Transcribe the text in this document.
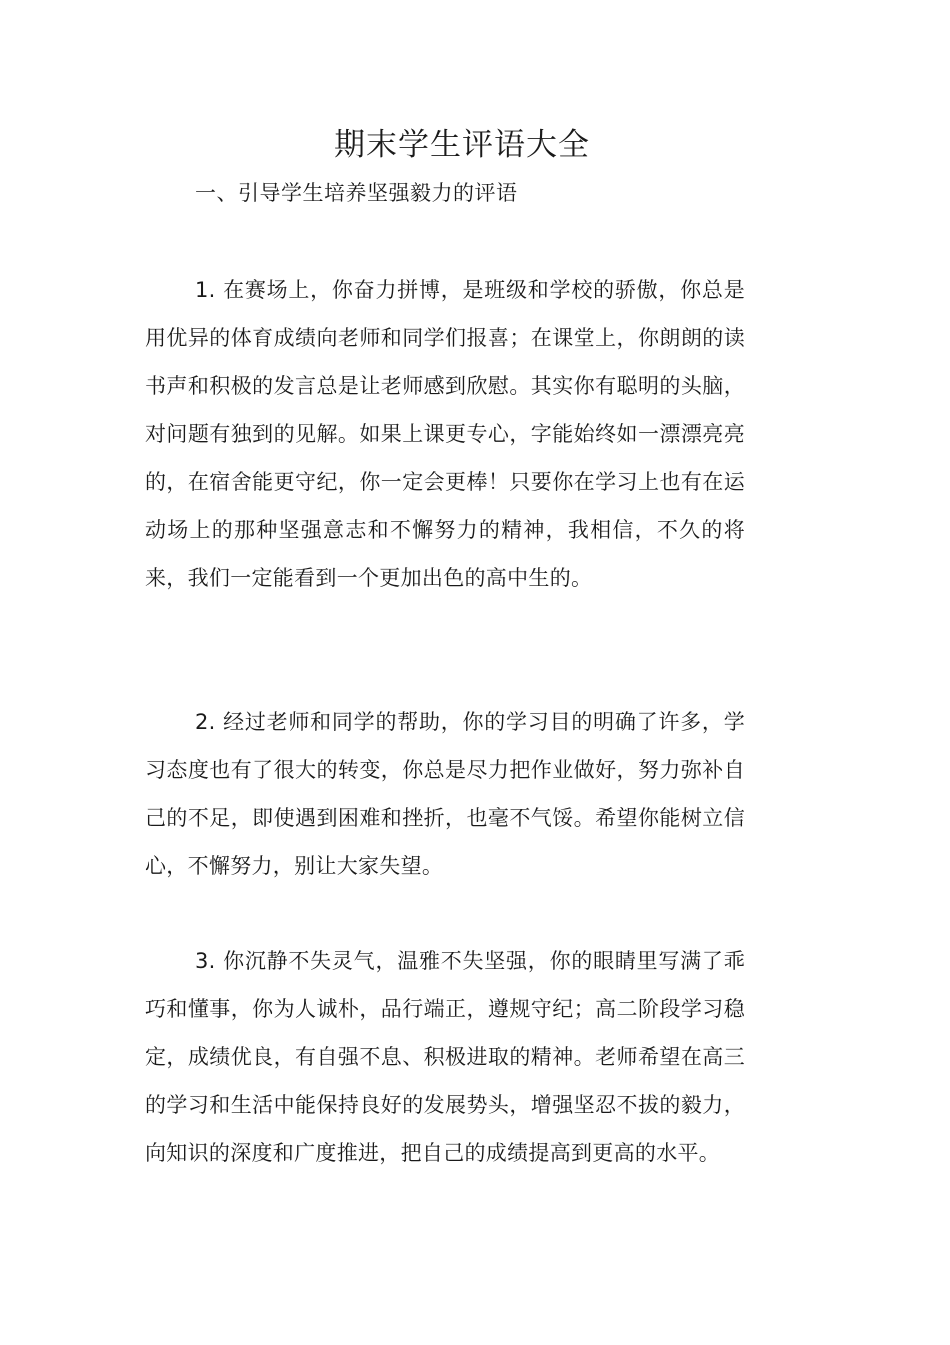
期末学生评语大全
一、引导学生培养坚强毅力的评语

1. 在赛场上，你奋力拼博，是班级和学校的骄傲，你总是用优异的体育成绩向老师和同学们报喜；在课堂上，你朗朗的读书声和积极的发言总是让老师感到欣慰。其实你有聪明的头脑，对问题有独到的见解。如果上课更专心，字能始终如一漂漂亮亮的，在宿舍能更守纪，你一定会更棒！只要你在学习上也有在运动场上的那种坚强意志和不懈努力的精神，我相信，不久的将来，我们一定能看到一个更加出色的高中生的。

2. 经过老师和同学的帮助，你的学习目的明确了许多，学习态度也有了很大的转变，你总是尽力把作业做好，努力弥补自己的不足，即使遇到困难和挫折，也毫不气馁。希望你能树立信心，不懈努力，别让大家失望。

3. 你沉静不失灵气，温雅不失坚强，你的眼睛里写满了乖巧和懂事，你为人诚朴，品行端正，遵规守纪；高二阶段学习稳定，成绩优良，有自强不息、积极进取的精神。老师希望在高三的学习和生活中能保持良好的发展势头，增强坚忍不拔的毅力，向知识的深度和广度推进，把自己的成绩提高到更高的水平。
